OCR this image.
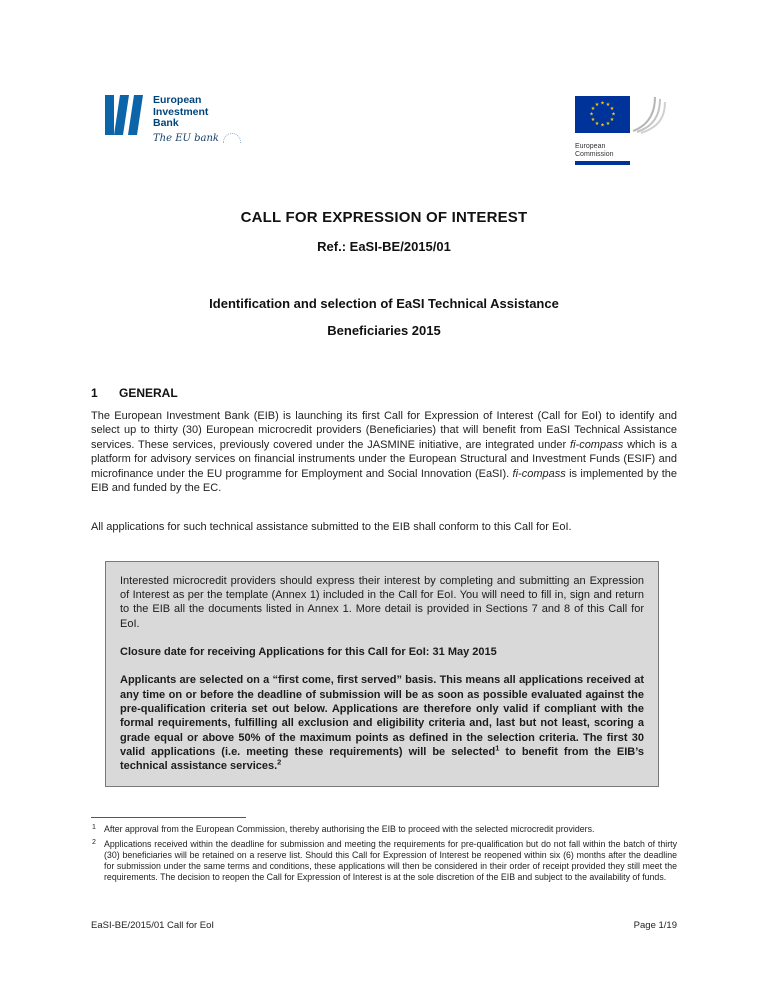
European
Investment
Bank
The EU bank
★ ★
★
★
★
★
★
★
★
★
★
★
European
Commission
CALL FOR EXPRESSION OF INTEREST
Ref.: EaSI-BE/2015/01
Identification and selection of EaSI Technical Assistance
Beneficiaries 2015
1 GENERAL

The European Investment Bank (EIB) is launching its first Call for Expression of Interest (Call for EoI) to identify and select up to thirty (30) European microcredit providers (Beneficiaries) that will benefit from EaSI Technical Assistance services. These services, previously covered under the JASMINE initiative, are integrated under fi-compass which is a platform for advisory services on financial instruments under the European Structural and Investment Funds (ESIF) and microfinance under the EU programme for Employment and Social Innovation (EaSI). fi-compass is implemented by the EIB and funded by the EC.

All applications for such technical assistance submitted to the EIB shall conform to this Call for EoI.

Interested microcredit providers should express their interest by completing and submitting an Expression of Interest as per the template (Annex 1) included in the Call for EoI. You will need to fill in, sign and return to the EIB all the documents listed in Annex 1. More detail is provided in Sections 7 and 8 of this Call for EoI.

Closure date for receiving Applications for this Call for EoI: 31 May 2015

Applicants are selected on a “first come, first served” basis. This means all applications received at any time on or before the deadline of submission will be as soon as possible evaluated against the pre-qualification criteria set out below. Applications are therefore only valid if compliant with the formal requirements, fulfilling all exclusion and eligibility criteria and, last but not least, scoring a grade equal or above 50% of the maximum points as defined in the selection criteria. The first 30 valid applications (i.e. meeting these requirements) will be selected$^1$ to benefit from the EIB’s technical assistance services.$^2$

1 After approval from the European Commission, thereby authorising the EIB to proceed with the selected microcredit providers.
2 Applications received within the deadline for submission and meeting the requirements for pre-qualification but do not fall within the batch of thirty (30) beneficiaries will be retained on a reserve list. Should this Call for Expression of Interest be reopened within six (6) months after the deadline for submission under the same terms and conditions, these applications will then be considered in their order of receipt provided they still meet the requirements. The decision to reopen the Call for Expression of Interest is at the sole discretion of the EIB and subject to the availability of funds.
EaSI-BE/2015/01 Call for EoI	Page 1/19
